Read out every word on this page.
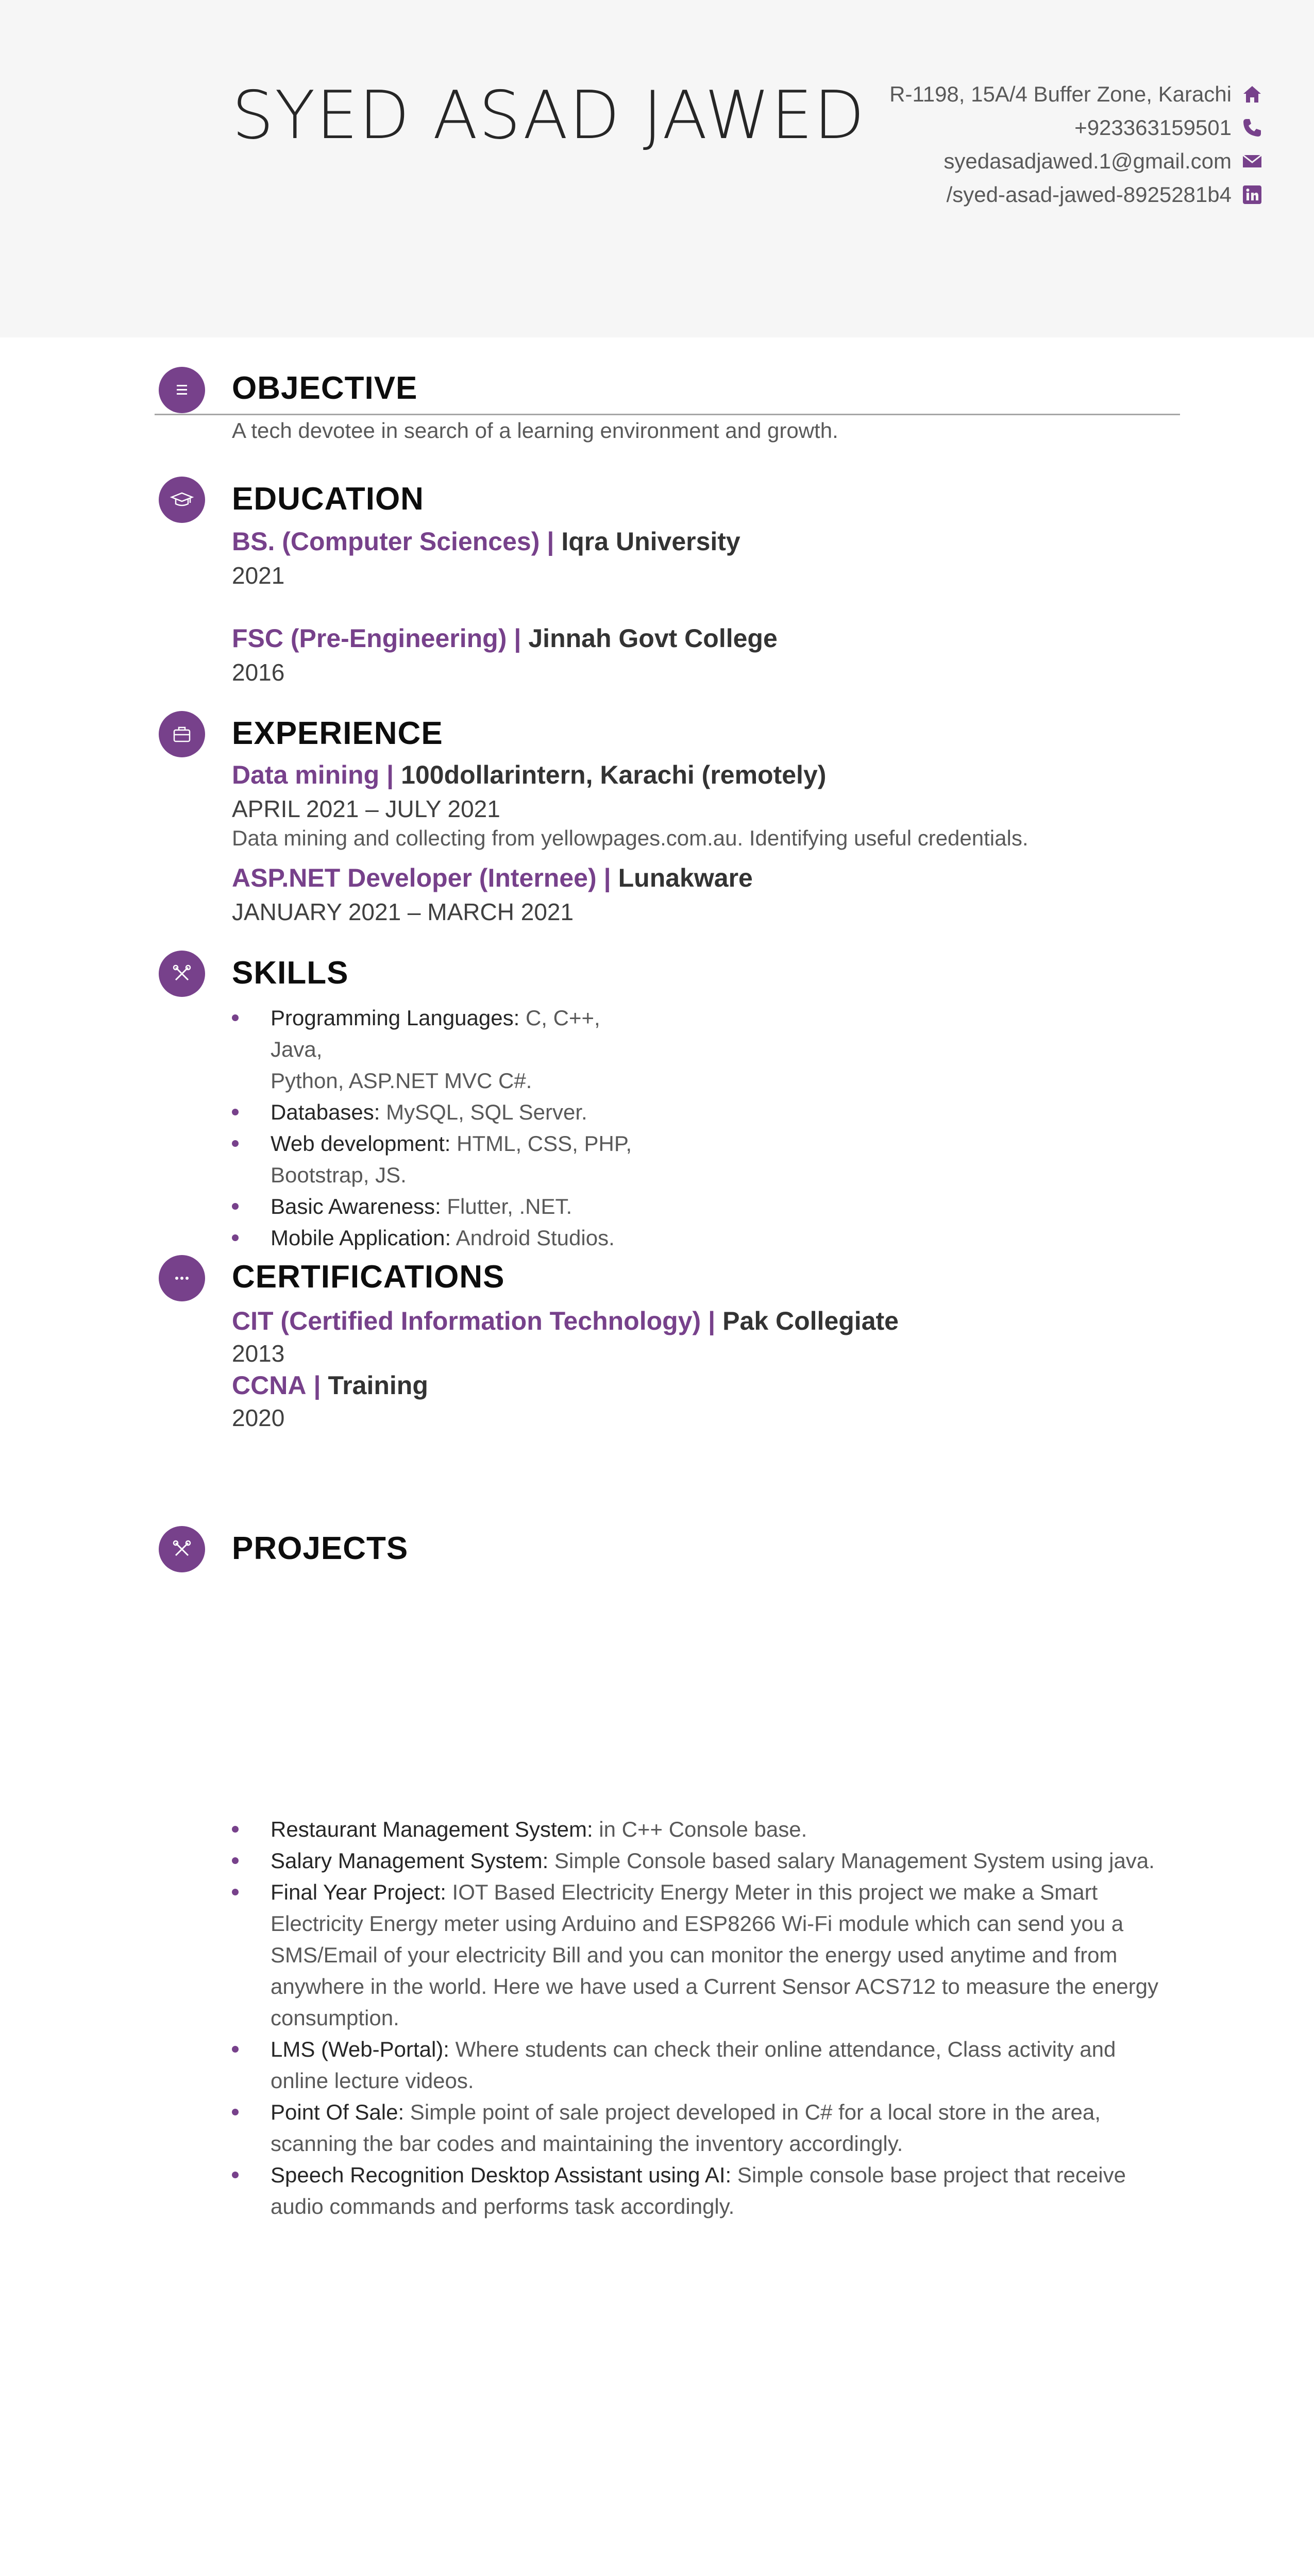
SYED ASAD JAWED R-1198, 15A/4 Buffer Zone, Karachi
+923363159501
syedasadjawed.1@gmail.com
/syed-asad-jawed-8925281b4
OBJECTIVE
A tech devotee in search of a learning environment and growth.
EDUCATION
BS. (Computer Sciences) | Iqra University
2021
FSC (Pre-Engineering) | Jinnah Govt College
2016
EXPERIENCE
Data mining | 100dollarintern, Karachi (remotely)
APRIL 2021 – JULY 2021
Data mining and collecting from yellowpages.com.au. Identifying useful credentials.
ASP.NET Developer (Internee) | Lunakware
JANUARY 2021 – MARCH 2021
SKILLS
Programming Languages: C, C++, Java,
Python, ASP.NET MVC C#.
Databases: MySQL, SQL Server.
Web development: HTML, CSS, PHP,
Bootstrap, JS.
Basic Awareness: Flutter, .NET.
Mobile Application: Android Studios.
CERTIFICATIONS
CIT (Certified Information Technology) | Pak Collegiate
2013
CCNA | Training
2020
PROJECTS
Restaurant Management System: in C++ Console base.
Salary Management System: Simple Console based salary Management System using java.
Final Year Project: IOT Based Electricity Energy Meter in this project we make a Smart
Electricity Energy meter using Arduino and ESP8266 Wi-Fi module which can send you a
SMS/Email of your electricity Bill and you can monitor the energy used anytime and from
anywhere in the world. Here we have used a Current Sensor ACS712 to measure the energy
consumption.
LMS (Web-Portal): Where students can check their online attendance, Class activity and
online lecture videos.
Point Of Sale: Simple point of sale project developed in C# for a local store in the area,
scanning the bar codes and maintaining the inventory accordingly.
Speech Recognition Desktop Assistant using AI: Simple console base project that receive
audio commands and performs task accordingly.
